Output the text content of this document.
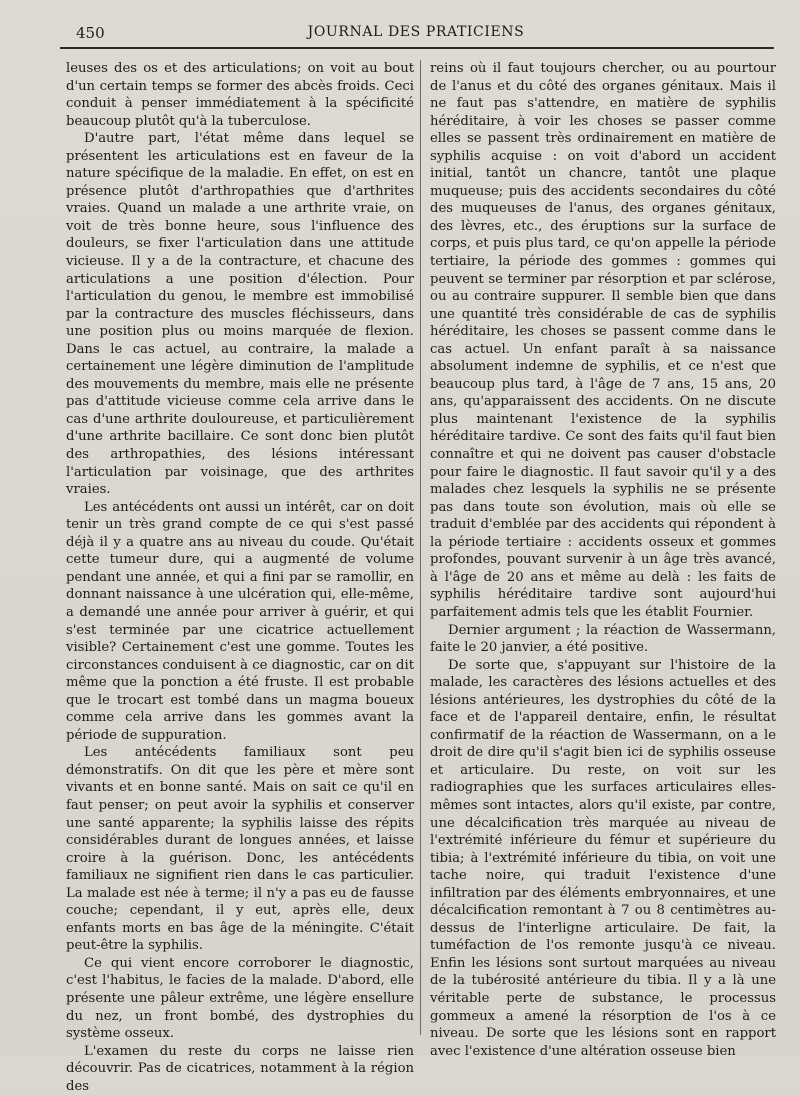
450	JOURNAL DES PRATICIENS

leuses des os et des articulations; on voit au bout d'un certain temps se former des abcès froids. Ceci conduit à penser immédiatement à la spécificité beaucoup plutôt qu'à la tuberculose.

D'autre part, l'état même dans lequel se présentent les articulations est en faveur de la nature spécifique de la maladie. En effet, on est en présence plutôt d'arthropathies que d'arthrites vraies. Quand un malade a une arthrite vraie, on voit de très bonne heure, sous l'influence des douleurs, se fixer l'articulation dans une attitude vicieuse. Il y a de la contracture, et chacune des articulations a une position d'élection. Pour l'articulation du genou, le membre est immobilisé par la contracture des muscles fléchisseurs, dans une position plus ou moins marquée de flexion. Dans le cas actuel, au contraire, la malade a certainement une légère diminution de l'amplitude des mouvements du membre, mais elle ne présente pas d'attitude vicieuse comme cela arrive dans le cas d'une arthrite douloureuse, et particulièrement d'une arthrite bacillaire. Ce sont donc bien plutôt des arthropathies, des lésions intéressant l'articulation par voisinage, que des arthrites vraies.

Les antécédents ont aussi un intérêt, car on doit tenir un très grand compte de ce qui s'est passé déjà il y a quatre ans au niveau du coude. Qu'était cette tumeur dure, qui a augmenté de volume pendant une année, et qui a fini par se ramollir, en donnant naissance à une ulcération qui, elle-même, a demandé une année pour arriver à guérir, et qui s'est terminée par une cicatrice actuellement visible? Certainement c'est une gomme. Toutes les circonstances conduisent à ce diagnostic, car on dit même que la ponction a été fruste. Il est probable que le trocart est tombé dans un magma boueux comme cela arrive dans les gommes avant la période de suppuration.

Les antécédents familiaux sont peu démonstratifs. On dit que les père et mère sont vivants et en bonne santé. Mais on sait ce qu'il en faut penser; on peut avoir la syphilis et conserver une santé apparente; la syphilis laisse des répits considérables durant de longues années, et laisse croire à la guérison. Donc, les antécédents familiaux ne signifient rien dans le cas particulier. La malade est née à terme; il n'y a pas eu de fausse couche; cependant, il y eut, après elle, deux enfants morts en bas âge de la méningite. C'était peut-être la syphilis.

Ce qui vient encore corroborer le diagnostic, c'est l'habitus, le facies de la malade. D'abord, elle présente une pâleur extrême, une légère ensellure du nez, un front bombé, des dystrophies du système osseux.

L'examen du reste du corps ne laisse rien découvrir. Pas de cicatrices, notamment à la région des

reins où il faut toujours chercher, ou au pourtour de l'anus et du côté des organes génitaux. Mais il ne faut pas s'attendre, en matière de syphilis héréditaire, à voir les choses se passer comme elles se passent très ordinairement en matière de syphilis acquise : on voit d'abord un accident initial, tantôt un chancre, tantôt une plaque muqueuse; puis des accidents secondaires du côté des muqueuses de l'anus, des organes génitaux, des lèvres, etc., des éruptions sur la surface de corps, et puis plus tard, ce qu'on appelle la période tertiaire, la période des gommes : gommes qui peuvent se terminer par résorption et par sclérose, ou au contraire suppurer. Il semble bien que dans une quantité très considérable de cas de syphilis héréditaire, les choses se passent comme dans le cas actuel. Un enfant paraît à sa naissance absolument indemne de syphilis, et ce n'est que beaucoup plus tard, à l'âge de 7 ans, 15 ans, 20 ans, qu'apparaissent des accidents. On ne discute plus maintenant l'existence de la syphilis héréditaire tardive. Ce sont des faits qu'il faut bien connaître et qui ne doivent pas causer d'obstacle pour faire le diagnostic. Il faut savoir qu'il y a des malades chez lesquels la syphilis ne se présente pas dans toute son évolution, mais où elle se traduit d'emblée par des accidents qui répondent à la période tertiaire : accidents osseux et gommes profondes, pouvant survenir à un âge très avancé, à l'âge de 20 ans et même au delà : les faits de syphilis héréditaire tardive sont aujourd'hui parfaitement admis tels que les établit Fournier.

Dernier argument ; la réaction de Wassermann, faite le 20 janvier, a été positive.

De sorte que, s'appuyant sur l'histoire de la malade, les caractères des lésions actuelles et des lésions antérieures, les dystrophies du côté de la face et de l'appareil dentaire, enfin, le résultat confirmatif de la réaction de Wassermann, on a le droit de dire qu'il s'agit bien ici de syphilis osseuse et articulaire. Du reste, on voit sur les radiographies que les surfaces articulaires elles-mêmes sont intactes, alors qu'il existe, par contre, une décalcification très marquée au niveau de l'extrémité inférieure du fémur et supérieure du tibia; à l'extrémité inférieure du tibia, on voit une tache noire, qui traduit l'existence d'une infiltration par des éléments embryonnaires, et une décalcification remontant à 7 ou 8 centimètres au-dessus de l'interligne articulaire. De fait, la tuméfaction de l'os remonte jusqu'à ce niveau. Enfin les lésions sont surtout marquées au niveau de la tubérosité antérieure du tibia. Il y a là une véritable perte de substance, le processus gommeux a amené la résorption de l'os à ce niveau. De sorte que les lésions sont en rapport avec l'existence d'une altération osseuse bien
